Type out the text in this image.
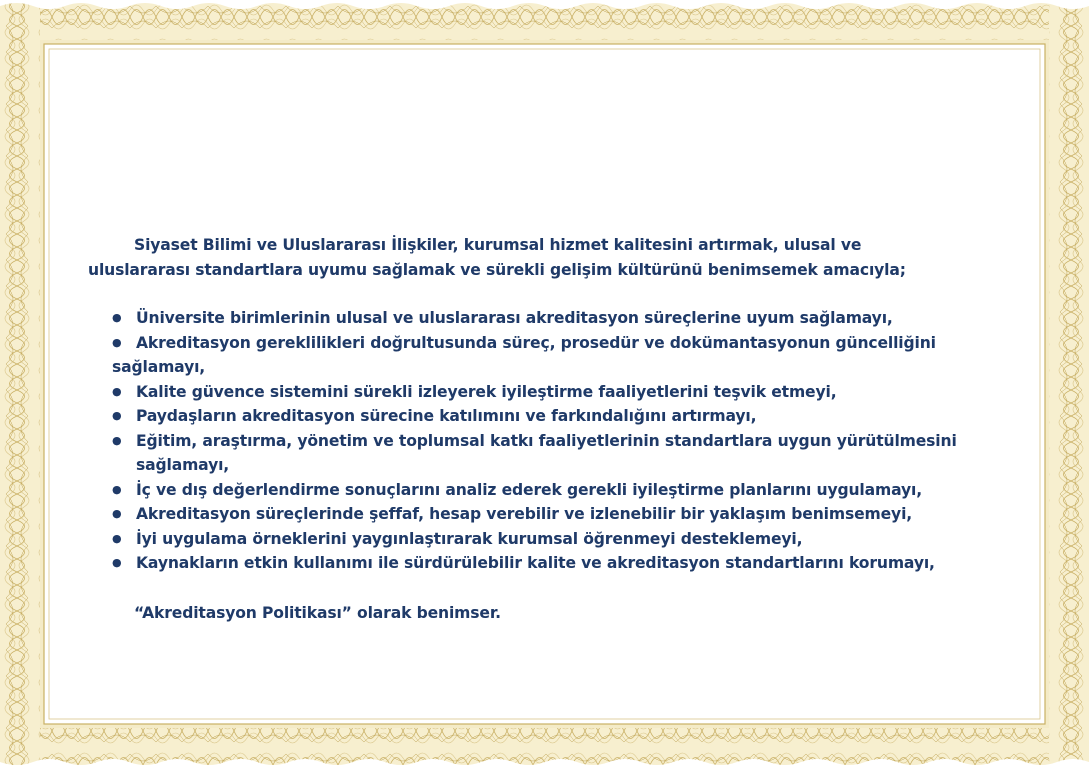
Siyaset Bilimi ve Uluslararası İlişkiler, kurumsal hizmet kalitesini artırmak, ulusal ve
uluslararası standartlara uyumu sağlamak ve sürekli gelişim kültürünü benimsemek amacıyla;

● Üniversite birimlerinin ulusal ve uluslararası akreditasyon süreçlerine uyum sağlamayı,
● Akreditasyon gereklilikleri doğrultusunda süreç, prosedür ve dokümantasyonun güncelliğini
sağlamayı,
● Kalite güvence sistemini sürekli izleyerek iyileştirme faaliyetlerini teşvik etmeyi,
● Paydaşların akreditasyon sürecine katılımını ve farkındalığını artırmayı,
● Eğitim, araştırma, yönetim ve toplumsal katkı faaliyetlerinin standartlara uygun yürütülmesini
sağlamayı,
● İç ve dış değerlendirme sonuçlarını analiz ederek gerekli iyileştirme planlarını uygulamayı,
● Akreditasyon süreçlerinde şeffaf, hesap verebilir ve izlenebilir bir yaklaşım benimsemeyi,
● İyi uygulama örneklerini yaygınlaştırarak kurumsal öğrenmeyi desteklemeyi,
● Kaynakların etkin kullanımı ile sürdürülebilir kalite ve akreditasyon standartlarını korumayı,

“Akreditasyon Politikası” olarak benimser.
